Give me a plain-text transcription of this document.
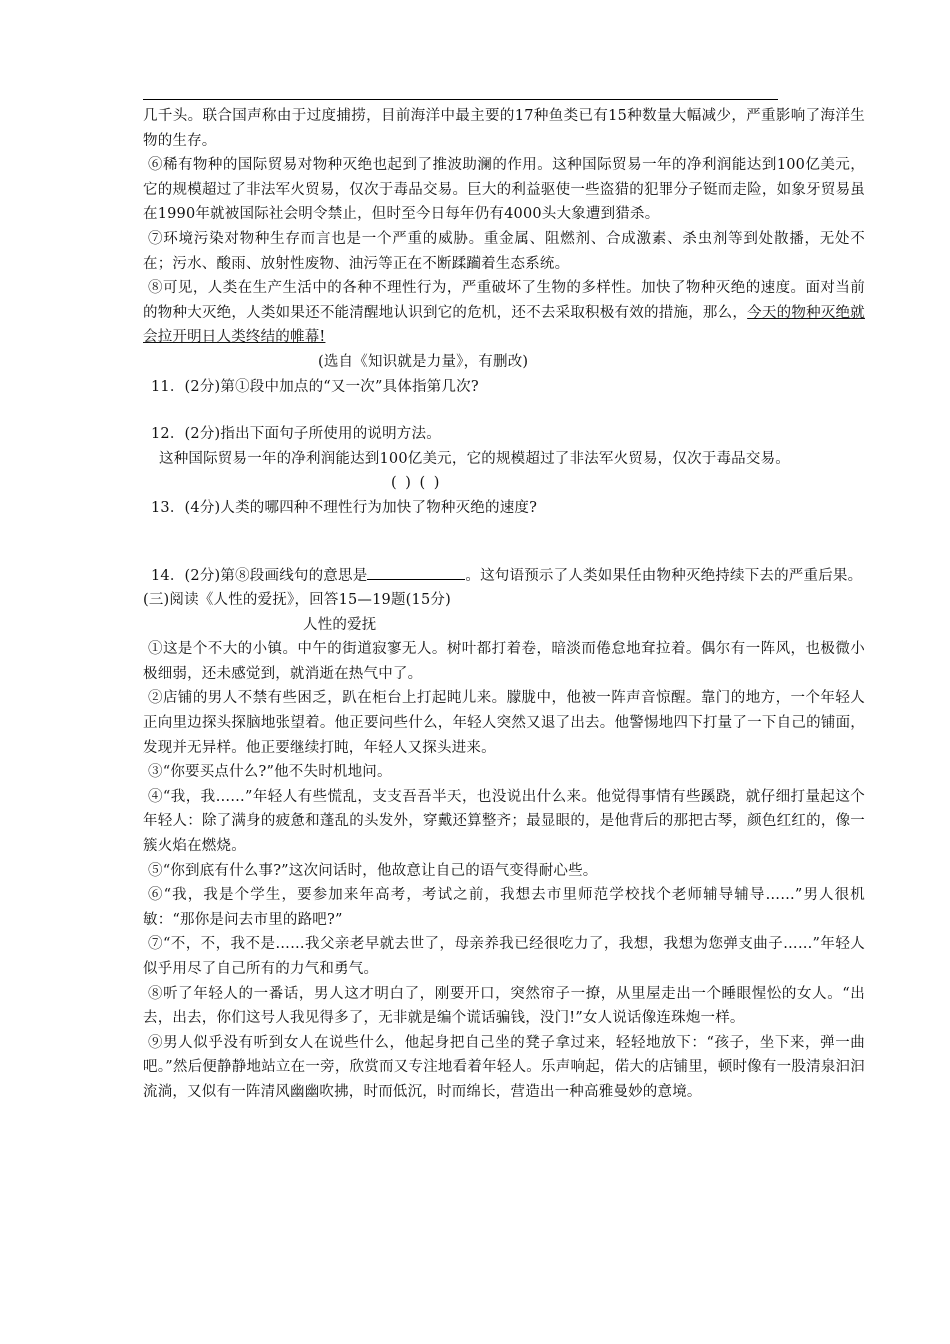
几千头。联合国声称由于过度捕捞，目前海洋中最主要的17种鱼类已有15种数量大幅减少，严重影响了海洋生物的生存。

⑥稀有物种的国际贸易对物种灭绝也起到了推波助澜的作用。这种国际贸易一年的净利润能达到100亿美元，它的规模超过了非法军火贸易，仅次于毒品交易。巨大的利益驱使一些盗猎的犯罪分子铤而走险，如象牙贸易虽在1990年就被国际社会明令禁止，但时至今日每年仍有4000头大象遭到猎杀。

⑦环境污染对物种生存而言也是一个严重的威胁。重金属、阻燃剂、合成激素、杀虫剂等到处散播，无处不在；污水、酸雨、放射性废物、油污等正在不断蹂躏着生态系统。

⑧可见，人类在生产生活中的各种不理性行为，严重破坏了生物的多样性。加快了物种灭绝的速度。面对当前的物种大灭绝，人类如果还不能清醒地认识到它的危机，还不去采取积极有效的措施，那么，今天的物种灭绝就会拉开明日人类终结的帷幕!

(选自《知识就是力量》，有删改)

11．(2分)第①段中加点的“又一次”具体指第几次?

12．(2分)指出下面句子所使用的说明方法。

这种国际贸易一年的净利润能达到100亿美元，它的规模超过了非法军火贸易，仅次于毒品交易。

( ) ( )

13．(4分)人类的哪四种不理性行为加快了物种灭绝的速度?

14．(2分)第⑧段画线句的意思是	。这句语预示了人类如果任由物种灭绝持续下去的严重后果。

(三)阅读《人性的爱抚》，回答15—19题(15分)

人性的爱抚

①这是个不大的小镇。中午的街道寂寥无人。树叶都打着卷，暗淡而倦怠地耷拉着。偶尔有一阵风，也极微小极细弱，还未感觉到，就消逝在热气中了。

②店铺的男人不禁有些困乏，趴在柜台上打起盹儿来。朦胧中，他被一阵声音惊醒。靠门的地方，一个年轻人正向里边探头探脑地张望着。他正要问些什么，年轻人突然又退了出去。他警惕地四下打量了一下自己的铺面，发现并无异样。他正要继续打盹，年轻人又探头进来。

③“你要买点什么?”他不失时机地问。

④“我，我……”年轻人有些慌乱，支支吾吾半天，也没说出什么来。他觉得事情有些蹊跷，就仔细打量起这个年轻人：除了满身的疲惫和蓬乱的头发外，穿戴还算整齐；最显眼的，是他背后的那把古琴，颜色红红的，像一簇火焰在燃烧。

⑤“你到底有什么事?”这次问话时，他故意让自己的语气变得耐心些。

⑥“我，我是个学生，要参加来年高考，考试之前，我想去市里师范学校找个老师辅导辅导……”男人很机敏：“那你是问去市里的路吧?”

⑦“不，不，我不是……我父亲老早就去世了，母亲养我已经很吃力了，我想，我想为您弹支曲子……”年轻人似乎用尽了自己所有的力气和勇气。

⑧听了年轻人的一番话，男人这才明白了，刚要开口，突然帘子一撩，从里屋走出一个睡眼惺忪的女人。“出去，出去，你们这号人我见得多了，无非就是编个谎话骗钱，没门!”女人说话像连珠炮一样。

⑨男人似乎没有听到女人在说些什么，他起身把自己坐的凳子拿过来，轻轻地放下：“孩子，坐下来，弹一曲吧。”然后便静静地站立在一旁，欣赏而又专注地看着年轻人。乐声响起，偌大的店铺里，顿时像有一股清泉汩汩流淌，又似有一阵清风幽幽吹拂，时而低沉，时而绵长，营造出一种高雅曼妙的意境。
